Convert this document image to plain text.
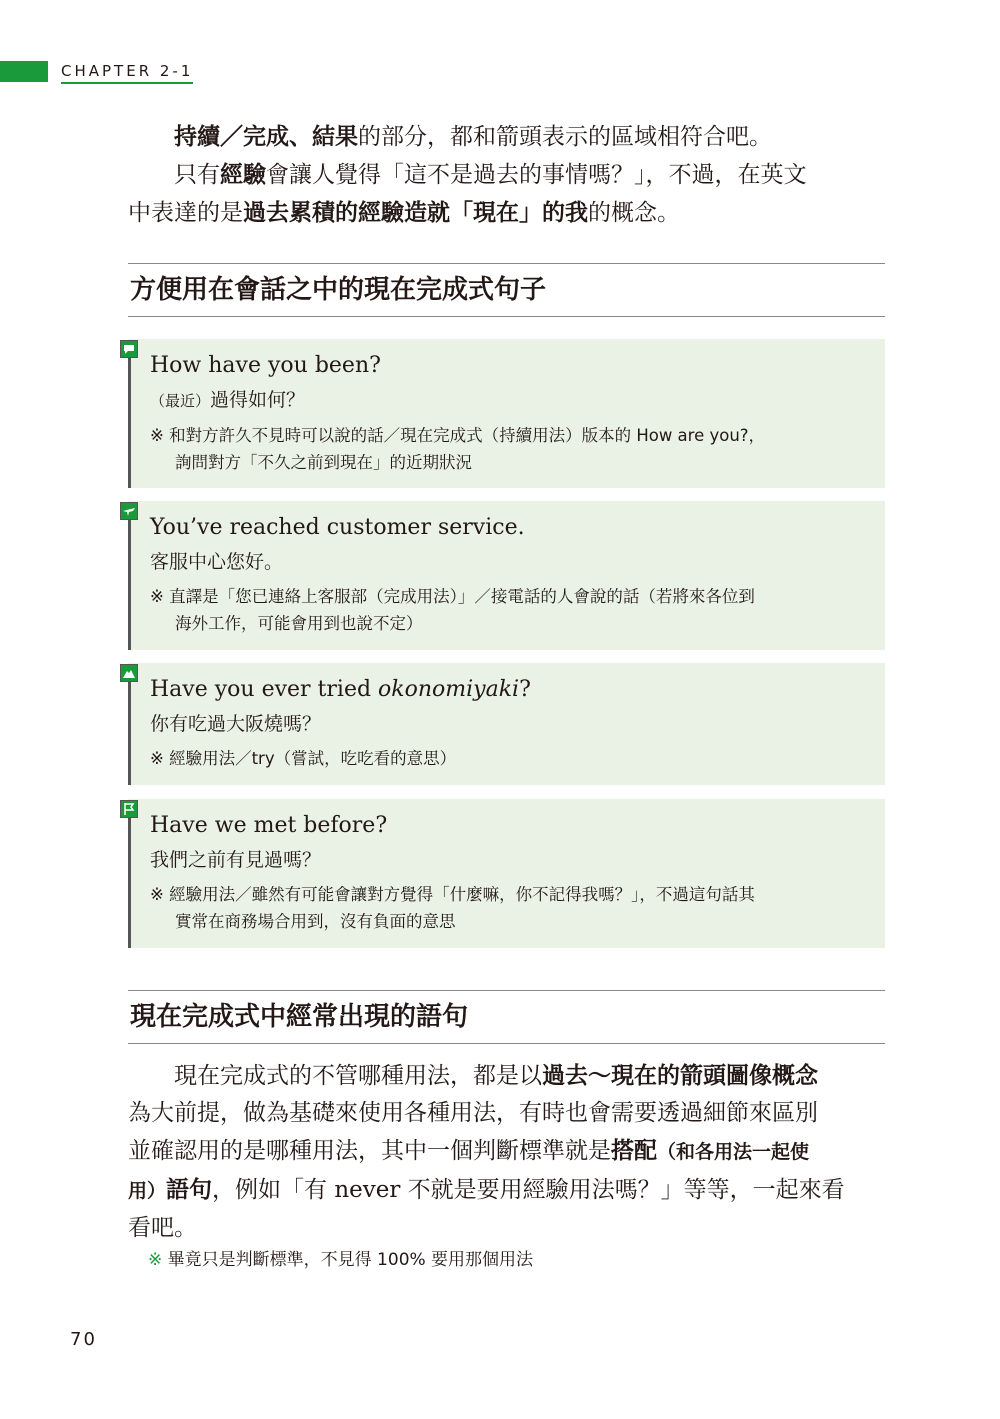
CHAPTER 2-1

持續／完成、結果的部分，都和箭頭表示的區域相符合吧。

只有經驗會讓人覺得「這不是過去的事情嗎？」，不過，在英文

中表達的是過去累積的經驗造就「現在」的我的概念。

方便用在會話之中的現在完成式句子

How have you been?

（最近）過得如何？

※ 和對方許久不見時可以說的話／現在完成式（持續用法）版本的 How are you?，
詢問對方「不久之前到現在」的近期狀況

You’ve reached customer service.

客服中心您好。

※ 直譯是「您已連絡上客服部（完成用法）」／接電話的人會說的話（若將來各位到
海外工作，可能會用到也說不定）

Have you ever tried okonomiyaki?

你有吃過大阪燒嗎？

※ 經驗用法／try（嘗試，吃吃看的意思）

Have we met before?

我們之前有見過嗎？

※ 經驗用法／雖然有可能會讓對方覺得「什麼嘛，你不記得我嗎？」，不過這句話其
實常在商務場合用到，沒有負面的意思

現在完成式中經常出現的語句

現在完成式的不管哪種用法，都是以過去～現在的箭頭圖像概念

為大前提，做為基礎來使用各種用法，有時也會需要透過細節來區別

並確認用的是哪種用法，其中一個判斷標準就是搭配（和各用法一起使

用）語句，例如「有 never 不就是要用經驗用法嗎？」等等，一起來看

看吧。

※ 畢竟只是判斷標準，不見得 100% 要用那個用法
70
